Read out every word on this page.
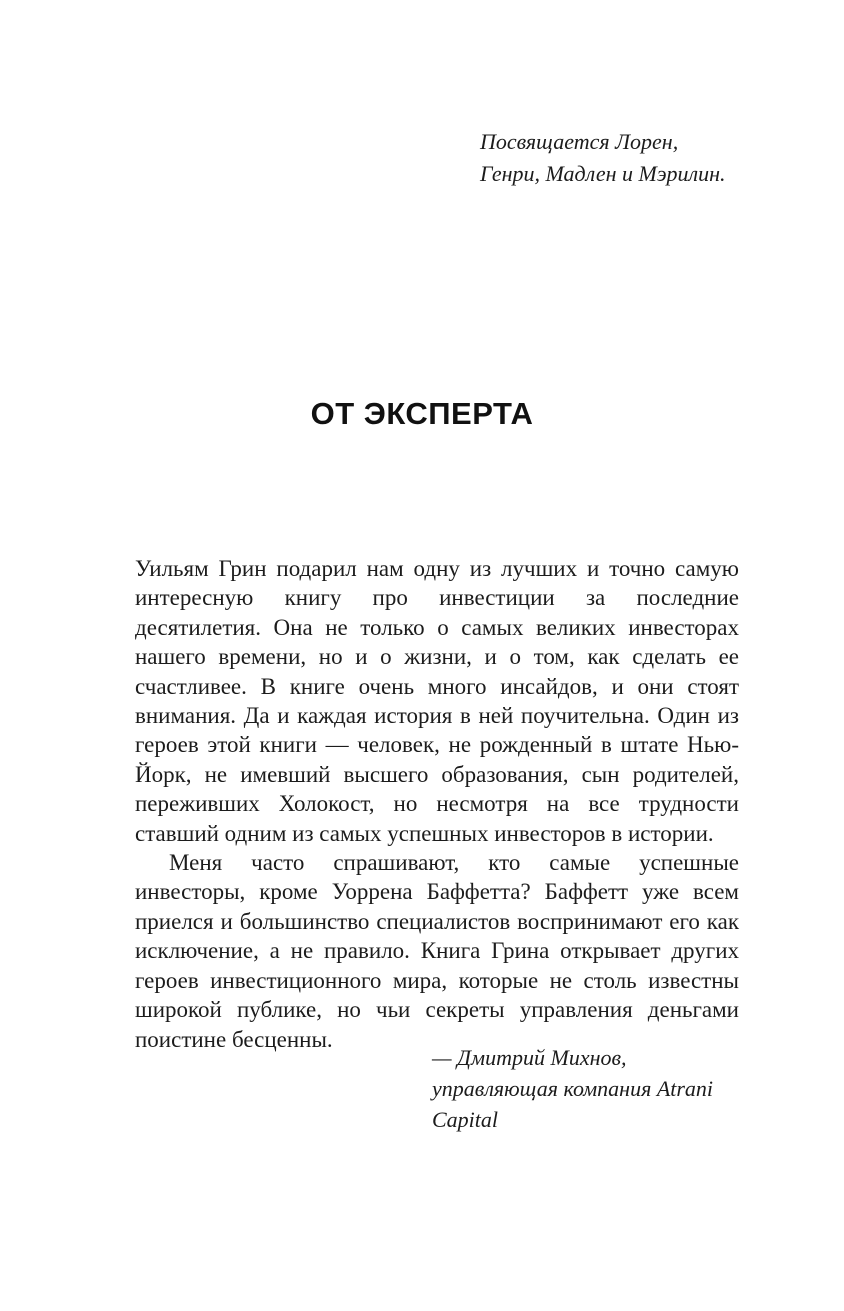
Посвящается Лорен,
Генри, Мадлен и Мэрилин.
ОТ ЭКСПЕРТА

Уильям Грин подарил нам одну из лучших и точно самую интересную книгу про инвестиции за последние десятилетия. Она не только о самых великих инвесторах нашего времени, но и о жизни, и о том, как сделать ее счастливее. В книге очень много инсайдов, и они стоят внимания. Да и каждая история в ней поучительна. Один из героев этой книги — человек, не рожденный в штате Нью-Йорк, не имевший высшего образования, сын родителей, переживших Холокост, но несмотря на все трудности ставший одним из самых успешных инвесторов в истории.

Меня часто спрашивают, кто самые успешные инвесторы, кроме Уоррена Баффетта? Баффетт уже всем приелся и большинство специалистов воспринимают его как исключение, а не правило. Книга Грина открывает других героев инвестиционного мира, которые не столь известны широкой публике, но чьи секреты управления деньгами поистине бесценны.

— Дмитрий Михнов,
управляющая компания Atrani
Capital
